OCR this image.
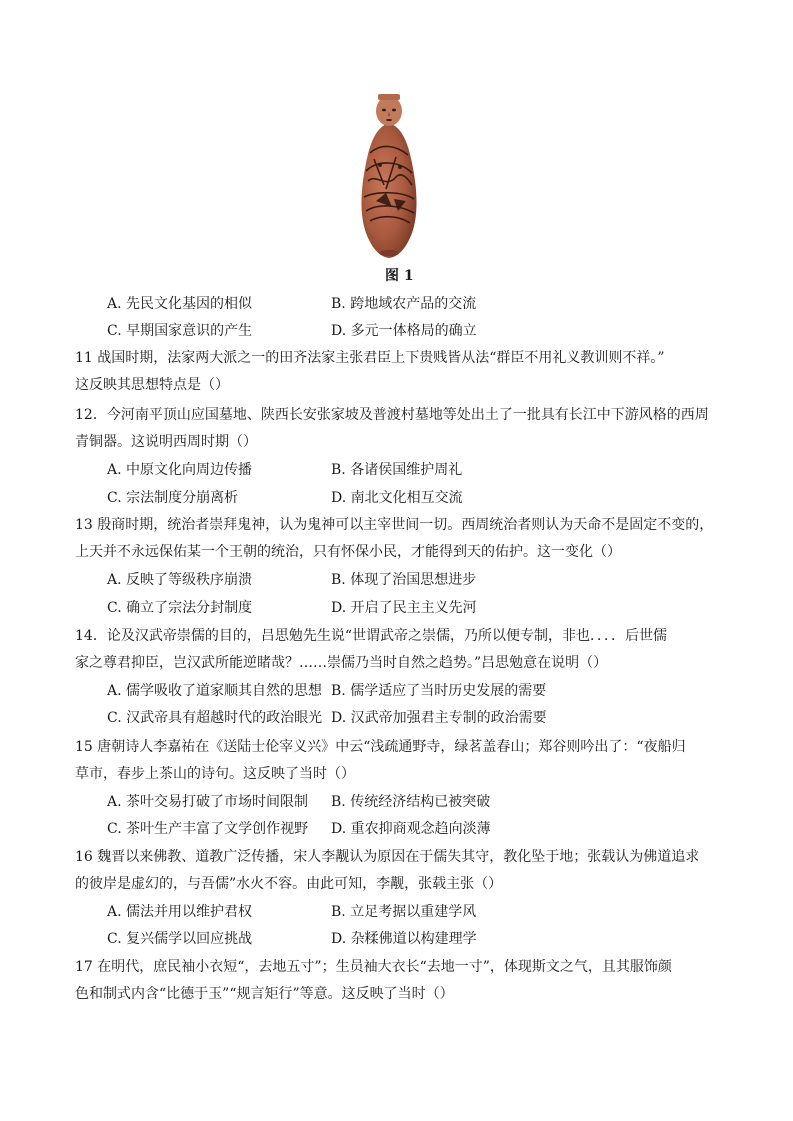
图 1
A. 先民文化基因的相似	B. 跨地域农产品的交流
C. 早期国家意识的产生	D. 多元一体格局的确立
11 战国时期，法家两大派之一的田齐法家主张君臣上下贵贱皆从法“群臣不用礼义教训则不祥。”
这反映其思想特点是（）
12．今河南平顶山应国墓地、陕西长安张家坡及普渡村墓地等处出土了一批具有长江中下游风格的西周
青铜器。这说明西周时期（）
A. 中原文化向周边传播	B. 各诸侯国维护周礼
C. 宗法制度分崩离析	D. 南北文化相互交流
13 殷商时期，统治者崇拜鬼神，认为鬼神可以主宰世间一切。西周统治者则认为天命不是固定不变的，
上天并不永远保佑某一个王朝的统治，只有怀保小民，才能得到天的佑护。这一变化（）
A. 反映了等级秩序崩溃	B. 体现了治国思想进步
C. 确立了宗法分封制度	D. 开启了民主主义先河
14．论及汉武帝崇儒的目的，吕思勉先生说“世谓武帝之崇儒，乃所以便专制，非也．．．．后世儒
家之尊君抑臣，岂汉武所能逆睹哉？……崇儒乃当时自然之趋势。”吕思勉意在说明（）
A. 儒学吸收了道家顺其自然的思想 B. 儒学适应了当时历史发展的需要
C. 汉武帝具有超越时代的政治眼光 D. 汉武帝加强君主专制的政治需要
15 唐朝诗人李嘉祐在《送陆士伦宰义兴》中云“浅疏通野寺，绿茗盖春山；郑谷则吟出了：“夜船归
草市，春步上茶山的诗句。这反映了当时（）
A. 茶叶交易打破了市场时间限制 B. 传统经济结构已被突破
C. 茶叶生产丰富了文学创作视野 D. 重农抑商观念趋向淡薄
16 魏晋以来佛教、道教广泛传播，宋人李觏认为原因在于儒失其守，教化坠于地；张载认为佛道追求
的彼岸是虚幻的，与吾儒”水火不容。由此可知，李觏，张载主张（）
A. 儒法并用以维护君权	B. 立足考据以重建学风
C. 复兴儒学以回应挑战	D. 杂糅佛道以构建理学
17 在明代，庶民袖小衣短“，去地五寸”；生员袖大衣长“去地一寸”，体现斯文之气，且其服饰颜
色和制式内含“比德于玉”“规言矩行”等意。这反映了当时（）
